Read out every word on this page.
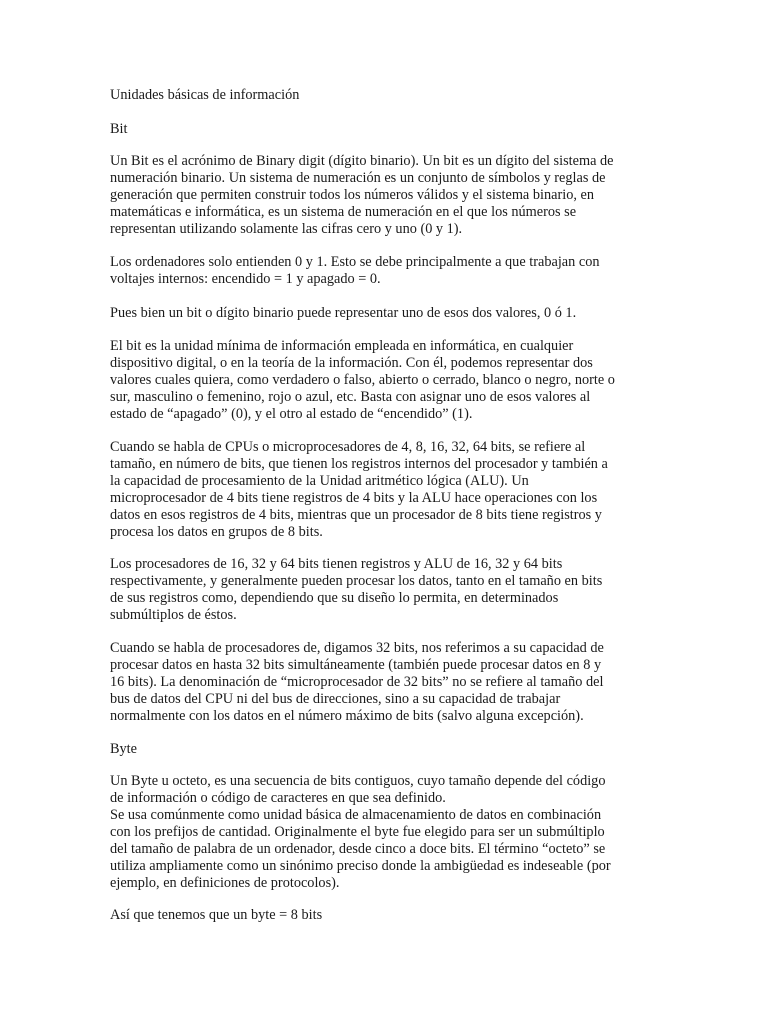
Unidades básicas de información
Bit
Un Bit es el acrónimo de Binary digit (dígito binario). Un bit es un dígito del sistema de
numeración binario. Un sistema de numeración es un conjunto de símbolos y reglas de
generación que permiten construir todos los números válidos y el sistema binario, en
matemáticas e informática, es un sistema de numeración en el que los números se
representan utilizando solamente las cifras cero y uno (0 y 1).
Los ordenadores solo entienden 0 y 1. Esto se debe principalmente a que trabajan con
voltajes internos: encendido = 1 y apagado = 0.
Pues bien un bit o dígito binario puede representar uno de esos dos valores, 0 ó 1.
El bit es la unidad mínima de información empleada en informática, en cualquier
dispositivo digital, o en la teoría de la información. Con él, podemos representar dos
valores cuales quiera, como verdadero o falso, abierto o cerrado, blanco o negro, norte o
sur, masculino o femenino, rojo o azul, etc. Basta con asignar uno de esos valores al
estado de “apagado” (0), y el otro al estado de “encendido” (1).
Cuando se habla de CPUs o microprocesadores de 4, 8, 16, 32, 64 bits, se refiere al
tamaño, en número de bits, que tienen los registros internos del procesador y también a
la capacidad de procesamiento de la Unidad aritmético lógica (ALU). Un
microprocesador de 4 bits tiene registros de 4 bits y la ALU hace operaciones con los
datos en esos registros de 4 bits, mientras que un procesador de 8 bits tiene registros y
procesa los datos en grupos de 8 bits.
Los procesadores de 16, 32 y 64 bits tienen registros y ALU de 16, 32 y 64 bits
respectivamente, y generalmente pueden procesar los datos, tanto en el tamaño en bits
de sus registros como, dependiendo que su diseño lo permita, en determinados
submúltiplos de éstos.
Cuando se habla de procesadores de, digamos 32 bits, nos referimos a su capacidad de
procesar datos en hasta 32 bits simultáneamente (también puede procesar datos en 8 y
16 bits). La denominación de “microprocesador de 32 bits” no se refiere al tamaño del
bus de datos del CPU ni del bus de direcciones, sino a su capacidad de trabajar
normalmente con los datos en el número máximo de bits (salvo alguna excepción).
Byte
Un Byte u octeto, es una secuencia de bits contiguos, cuyo tamaño depende del código
de información o código de caracteres en que sea definido.
Se usa comúnmente como unidad básica de almacenamiento de datos en combinación
con los prefijos de cantidad. Originalmente el byte fue elegido para ser un submúltiplo
del tamaño de palabra de un ordenador, desde cinco a doce bits. El término “octeto” se
utiliza ampliamente como un sinónimo preciso donde la ambigüedad es indeseable (por
ejemplo, en definiciones de protocolos).
Así que tenemos que un byte = 8 bits
